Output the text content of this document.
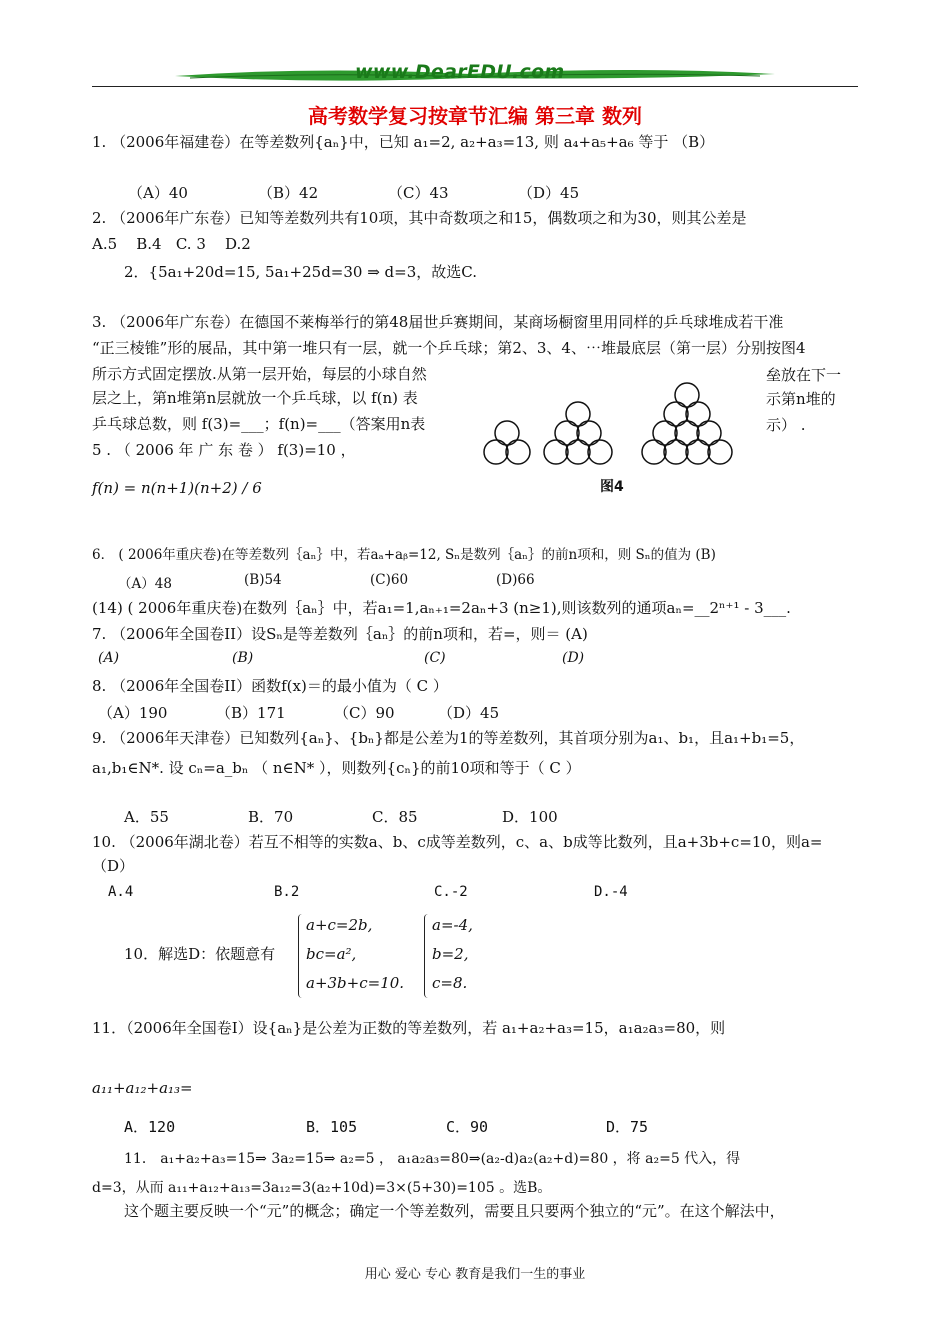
www.DearEDU.com
高考数学复习按章节汇编 第三章 数列
1. （2006年福建卷）在等差数列{aₙ}中，已知 a₁=2, a₂+a₃=13, 则 a₄+a₅+a₆ 等于 （B）
（A）40	（B）42	（C）43	（D）45
2. （2006年广东卷）已知等差数列共有10项，其中奇数项之和15，偶数项之和为30，则其公差是
A.5    B.4   C. 3    D.2
2．{5a₁+20d=15, 5a₁+25d=30 ⇒ d=3，故选C.
3. （2006年广东卷）在德国不莱梅举行的第48届世乒赛期间，某商场橱窗里用同样的乒乓球堆成若干准
“正三棱锥”形的展品，其中第一堆只有一层，就一个乒乓球；第2、3、4、⋯堆最底层（第一层）分别按图4
所示方式固定摆放.从第一层开始，每层的小球自然	垒放在下一
层之上，第n堆第n层就放一个乒乓球，以 f(n) 表	示第n堆的
乒乓球总数，则 f(3)=___；f(n)=___（答案用n表	示） .
5 . （ 2006 年 广 东 卷 ） f(3)=10 ，
f(n) = n(n+1)(n+2) / 6	图4
6． ( 2006年重庆卷)在等差数列｛aₙ｝中，若aₐ+aᵦ=12, Sₙ是数列｛aₙ｝的前n项和，则 Sₙ的值为 (B)
（A）48	(B)54	(C)60	(D)66
(14) ( 2006年重庆卷)在数列｛aₙ｝中，若a₁=1,aₙ₊₁=2aₙ+3 (n≥1),则该数列的通项aₙ=__2ⁿ⁺¹ - 3___.
7. （2006年全国卷II）设Sₙ是等差数列｛aₙ｝的前n项和，若=，则＝ (A)
(A)	(B)	(C)	(D)
8. （2006年全国卷II）函数f(x)＝的最小值为（ C ）
（A）190	（B）171	（C）90	（D）45
9. （2006年天津卷）已知数列{aₙ}、{bₙ}都是公差为1的等差数列，其首项分别为a₁、b₁，且a₁+b₁=5，
a₁,b₁∈N*. 设 cₙ=a_bₙ （ n∈N* ），则数列{cₙ}的前10项和等于（ C ）
A．55	B．70	C．85	D．100
10. （2006年湖北卷）若互不相等的实数a、b、c成等差数列，c、a、b成等比数列，且a+3b+c=10，则a=
（D）
A.4	B.2	C.-2	D.-4
10．解选D：依题意有
a+c=2b,
bc=a²,
a+3b+c=10.
a=-4,
b=2,
c=8.
11．（2006年全国卷Ⅰ）设{aₙ}是公差为正数的等差数列，若 a₁+a₂+a₃=15，a₁a₂a₃=80，则
a₁₁+a₁₂+a₁₃=
A．120	B．105	C．90	D．75
11． a₁+a₂+a₃=15⇒ 3a₂=15⇒ a₂=5 ， a₁a₂a₃=80⇒(a₂-d)a₂(a₂+d)=80 ，将 a₂=5 代入，得
d=3，从而 a₁₁+a₁₂+a₁₃=3a₁₂=3(a₂+10d)=3×(5+30)=105 。选B。
这个题主要反映一个“元”的概念；确定一个等差数列，需要且只要两个独立的“元”。在这个解法中，
用心 爱心 专心 教育是我们一生的事业
